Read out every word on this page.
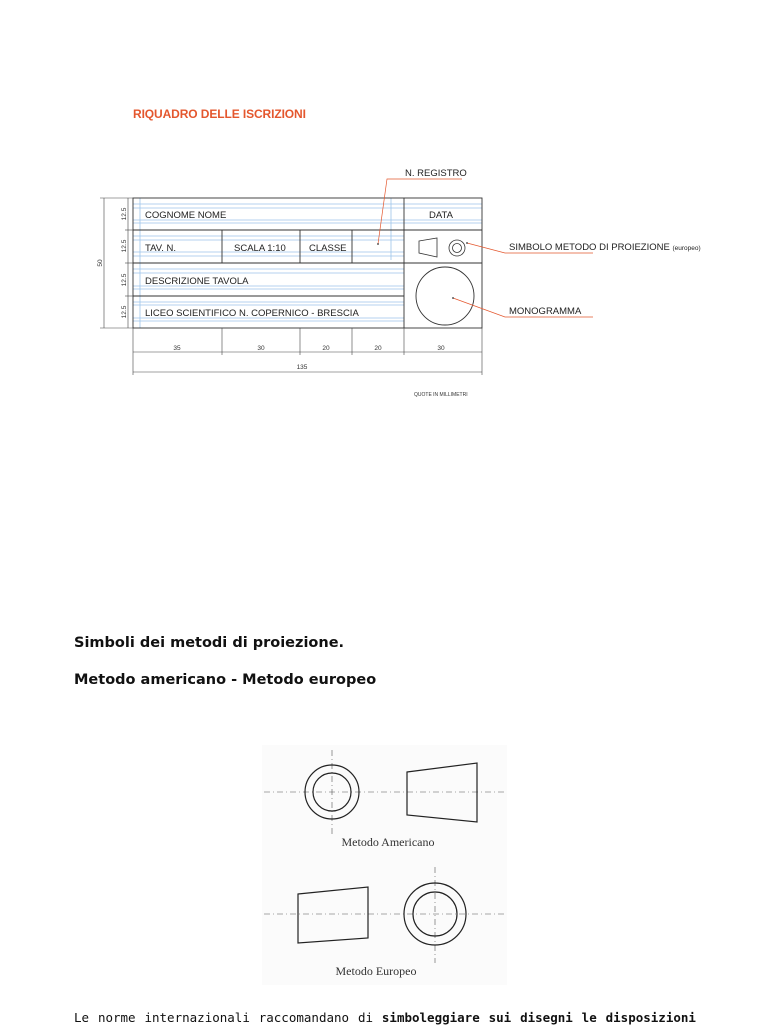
RIQUADRO DELLE ISCRIZIONI
COGNOME NOME	DATA
TAV. N.	SCALA 1:10 CLASSE
DESCRIZIONE TAVOLA
LICEO SCIENTIFICO N. COPERNICO - BRESCIA
N. REGISTRO
SIMBOLO METODO DI PROIEZIONE (europeo)
MONOGRAMMA
50
12.5
12.5
12.5
12.5
35	30	20	20	30
135
QUOTE IN MILLIMETRI
Simboli dei metodi di proiezione.
Metodo americano - Metodo europeo
Metodo Americano
Metodo Europeo
Le norme internazionali raccomandano di simboleggiare sui disegni le disposizioni
